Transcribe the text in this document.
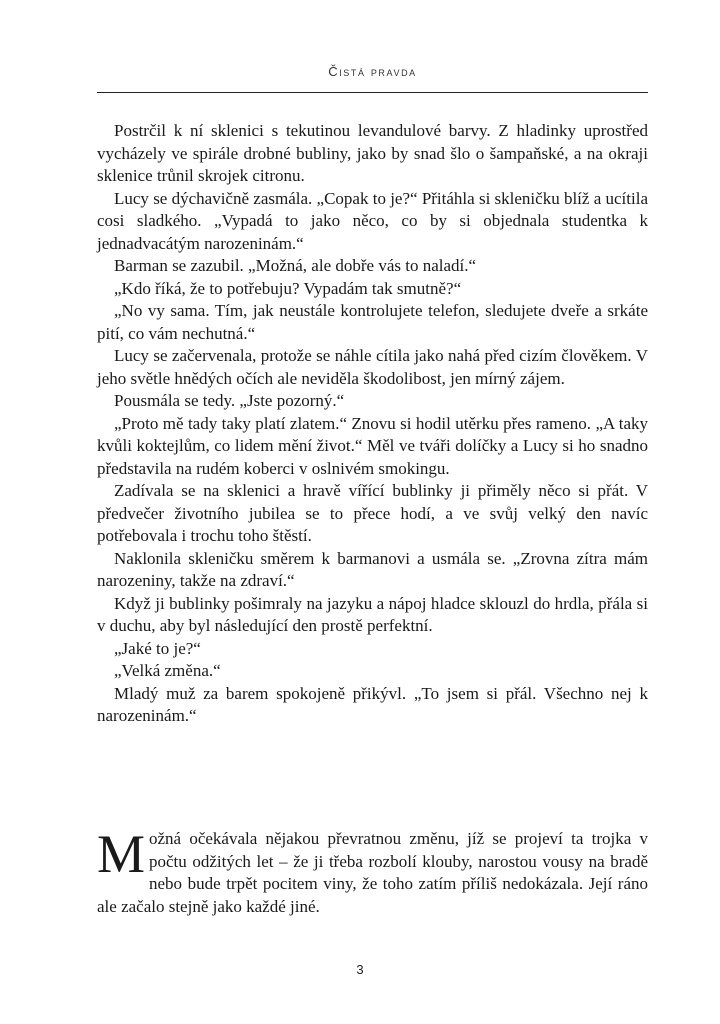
Čistá pravda

Postrčil k ní sklenici s tekutinou levandulové barvy. Z hladinky uprostřed vycházely ve spirále drobné bubliny, jako by snad šlo o šampaňské, a na okraji sklenice trůnil skrojek citronu.

Lucy se dýchavičně zasmála. „Copak to je?“ Přitáhla si skleničku blíž a ucítila cosi sladkého. „Vypadá to jako něco, co by si objednala studentka k jednadvacátým narozeninám.“

Barman se zazubil. „Možná, ale dobře vás to naladí.“

„Kdo říká, že to potřebuju? Vypadám tak smutně?“

„No vy sama. Tím, jak neustále kontrolujete telefon, sledujete dveře a srkáte pití, co vám nechutná.“

Lucy se začervenala, protože se náhle cítila jako nahá před cizím člověkem. V jeho světle hnědých očích ale neviděla škodolibost, jen mírný zájem.

Pousmála se tedy. „Jste pozorný.“

„Proto mě tady taky platí zlatem.“ Znovu si hodil utěrku přes rameno. „A taky kvůli koktejlům, co lidem mění život.“ Měl ve tváři dolíčky a Lucy si ho snadno představila na rudém koberci v oslnivém smokingu.

Zadívala se na sklenici a hravě vířící bublinky ji přiměly něco si přát. V předvečer životního jubilea se to přece hodí, a ve svůj velký den navíc potřebovala i trochu toho štěstí.

Naklonila skleničku směrem k barmanovi a usmála se. „Zrovna zítra mám narozeniny, takže na zdraví.“

Když ji bublinky pošimraly na jazyku a nápoj hladce sklouzl do hrdla, přála si v duchu, aby byl následující den prostě perfektní.

„Jaké to je?“

„Velká změna.“

Mladý muž za barem spokojeně přikývl. „To jsem si přál. Všechno nej k narozeninám.“

Možná očekávala nějakou převratnou změnu, jíž se projeví ta trojka v počtu odžitých let – že ji třeba rozbolí klouby, narostou vousy na bradě nebo bude trpět pocitem viny, že toho zatím příliš nedokázala. Její ráno ale začalo stejně jako každé jiné.

3
